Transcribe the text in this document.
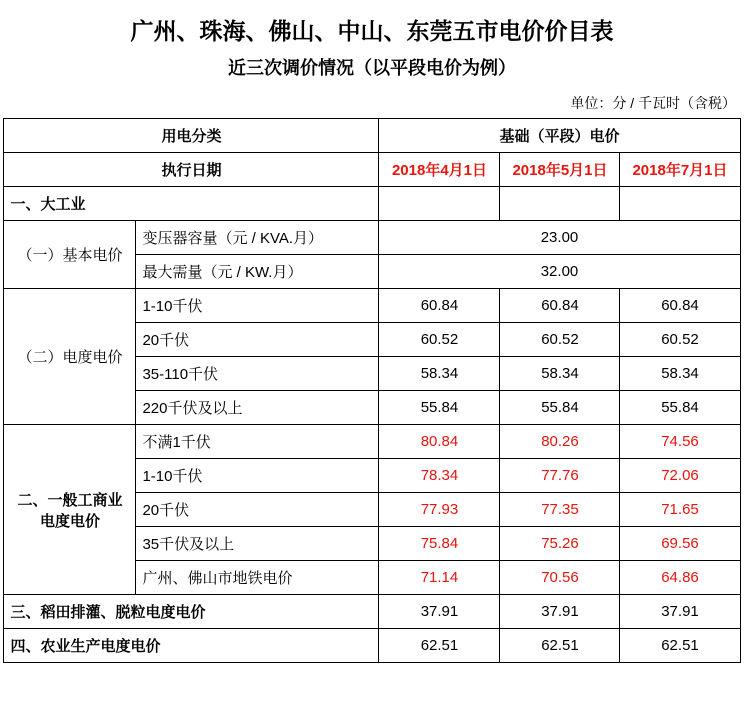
广州、珠海、佛山、中山、东莞五市电价价目表
近三次调价情况（以平段电价为例）
单位：分 / 千瓦时（含税）
用电分类		基础（平段）电价		
执行日期		2018年4月1日	2018年5月1日	2018年7月1日
一、大工业				
（一）基本电价	变压器容量（元 / KVA.月）	23.00		
	最大需量（元 / KW.月）	32.00		
（二）电度电价	1-10千伏	60.84	60.84	60.84
	20千伏	60.52	60.52	60.52
	35-110千伏	58.34	58.34	58.34
	220千伏及以上	55.84	55.84	55.84
二、一般工商业电度电价	不满1千伏	80.84	80.26	74.56
	1-10千伏	78.34	77.76	72.06
	20千伏	77.93	77.35	71.65
	35千伏及以上	75.84	75.26	69.56
	广州、佛山市地铁电价	71.14	70.56	64.86
三、稻田排灌、脱粒电度电价		37.91	37.91	37.91
四、农业生产电度电价		62.51	62.51	62.51
